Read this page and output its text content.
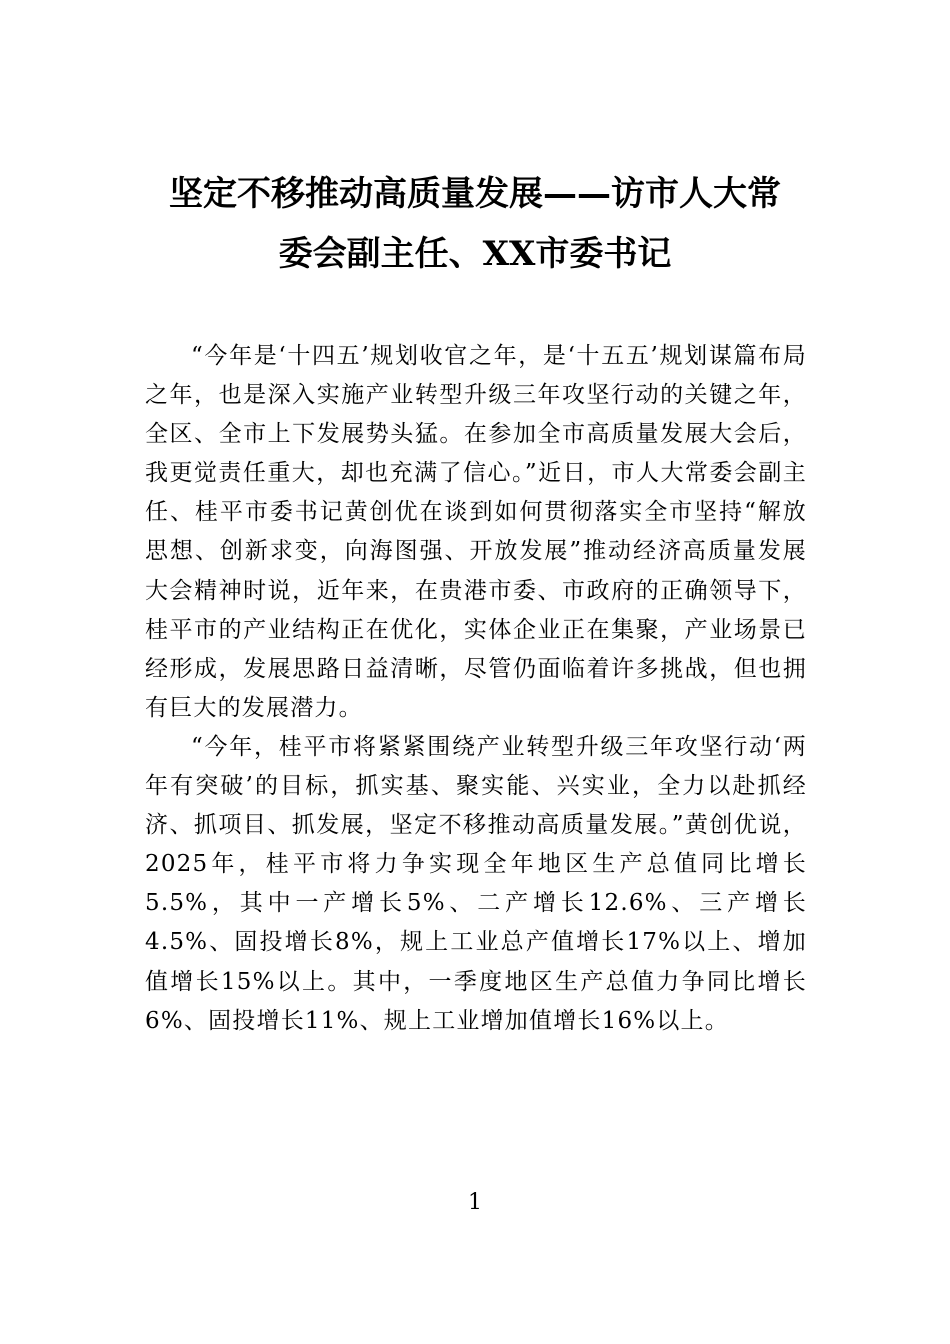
坚定不移推动高质量发展——访市人大常
委会副主任、XX市委书记

“今年是‘十四五’规划收官之年，是‘十五五’规划谋篇布局之年，也是深入实施产业转型升级三年攻坚行动的关键之年，全区、全市上下发展势头猛。在参加全市高质量发展大会后，我更觉责任重大，却也充满了信心。”近日，市人大常委会副主任、桂平市委书记黄创优在谈到如何贯彻落实全市坚持“解放思想、创新求变，向海图强、开放发展”推动经济高质量发展大会精神时说，近年来，在贵港市委、市政府的正确领导下，桂平市的产业结构正在优化，实体企业正在集聚，产业场景已经形成，发展思路日益清晰，尽管仍面临着许多挑战，但也拥有巨大的发展潜力。

“今年，桂平市将紧紧围绕产业转型升级三年攻坚行动‘两年有突破’的目标，抓实基、聚实能、兴实业，全力以赴抓经济、抓项目、抓发展，坚定不移推动高质量发展。”黄创优说，2025年，桂平市将力争实现全年地区生产总值同比增长5.5%，其中一产增长5%、二产增长12.6%、三产增长4.5%、固投增长8%，规上工业总产值增长17%以上、增加值增长15%以上。其中，一季度地区生产总值力争同比增长6%、固投增长11%、规上工业增加值增长16%以上。

1
